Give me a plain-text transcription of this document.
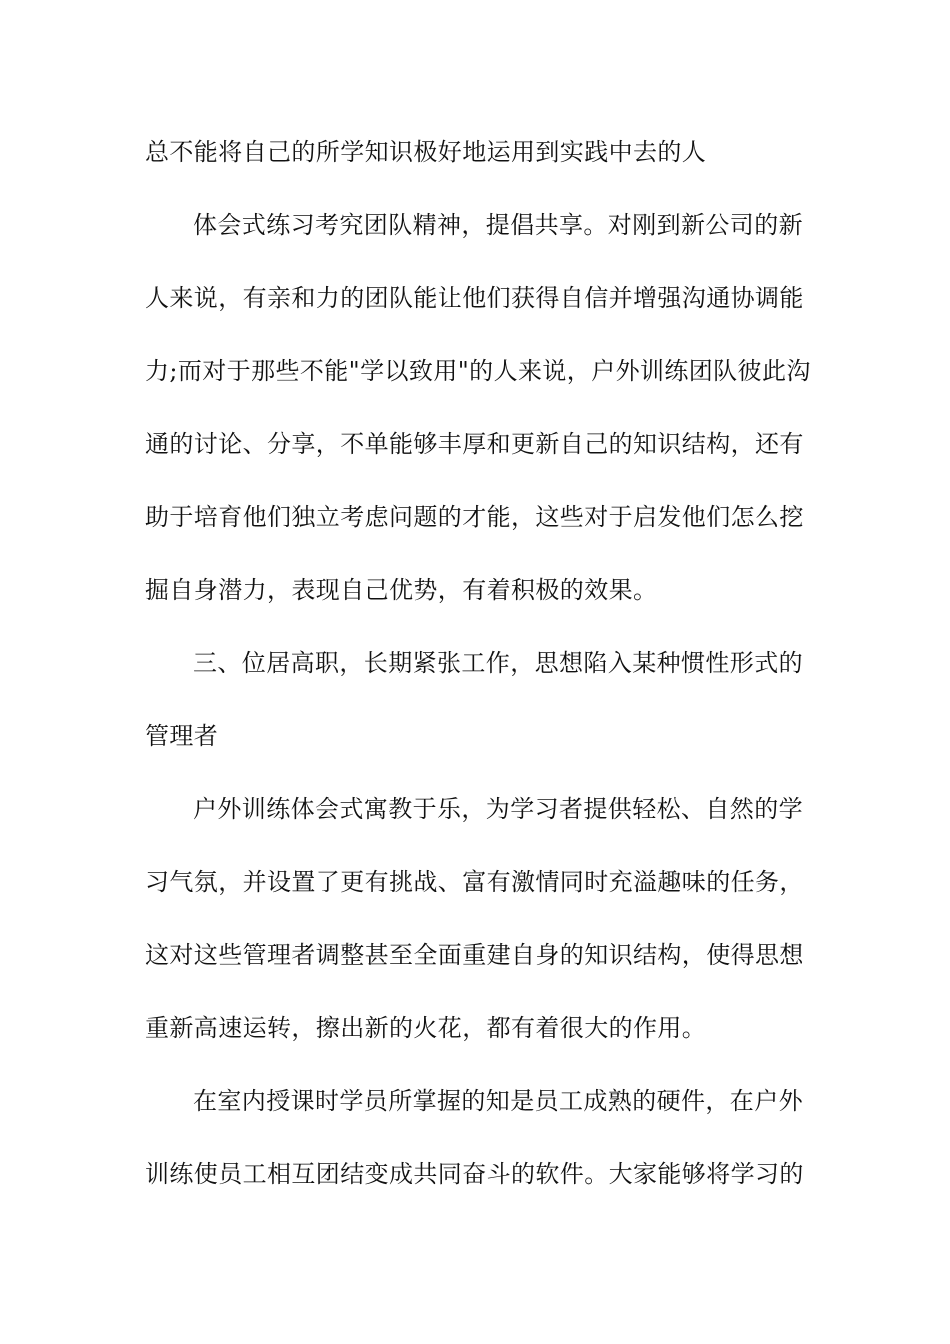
总不能将自己的所学知识极好地运用到实践中去的人
体会式练习考究团队精神，提倡共享。对刚到新公司的新
人来说，有亲和力的团队能让他们获得自信并增强沟通协调能
力;而对于那些不能"学以致用"的人来说，户外训练团队彼此沟
通的讨论、分享，不单能够丰厚和更新自己的知识结构，还有
助于培育他们独立考虑问题的才能，这些对于启发他们怎么挖
掘自身潜力，表现自己优势，有着积极的效果。
三、位居高职，长期紧张工作，思想陷入某种惯性形式的
管理者
户外训练体会式寓教于乐，为学习者提供轻松、自然的学
习气氛，并设置了更有挑战、富有激情同时充溢趣味的任务，
这对这些管理者调整甚至全面重建自身的知识结构，使得思想
重新高速运转，擦出新的火花，都有着很大的作用。
在室内授课时学员所掌握的知是员工成熟的硬件，在户外
训练使员工相互团结变成共同奋斗的软件。大家能够将学习的
